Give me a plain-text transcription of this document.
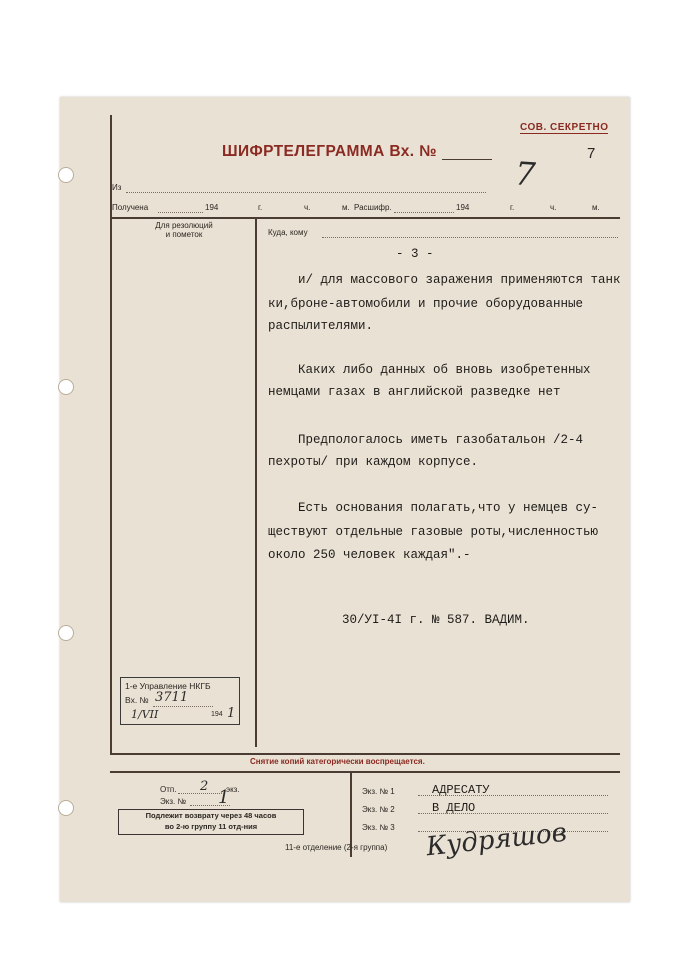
СОВ. СЕКРЕТНО
ШИФРТЕЛЕГРАММА Вх. №	7
7
Из
Получена	194	г.	ч.	м. Расшифр.	194	г.	ч.	м.
Для резолюций
и пометок	Куда, кому
- 3 -
и/ для массового заражения применяются танк
ки,броне-автомобили и прочие оборудованные
распылителями.
Каких либо данных об вновь изобретенных
немцами газах в английской разведке нет
Предпологалось иметь газобатальон /2-4
пехроты/ при каждом корпусе.
Есть основания полагать,что у немцев су-
ществуют отдельные газовые роты,численностью
около 250 человек каждая".-
30/УI-4I г. № 587. ВАДИМ.
1-е Управление НКГБ
Вх. № 3711
1/VII	194 1
Снятие копий категорически воспрещается.
Отп. 2 экз.
Экз. № 1
Подлежит возврату через 48 часов
во 2-ю группу 11 отд-ния
Экз. № 1	АДРЕСАТУ
Экз. № 2	В ДЕЛО
Экз. № 3
11-е отделение (2-я группа) Кудряшов
